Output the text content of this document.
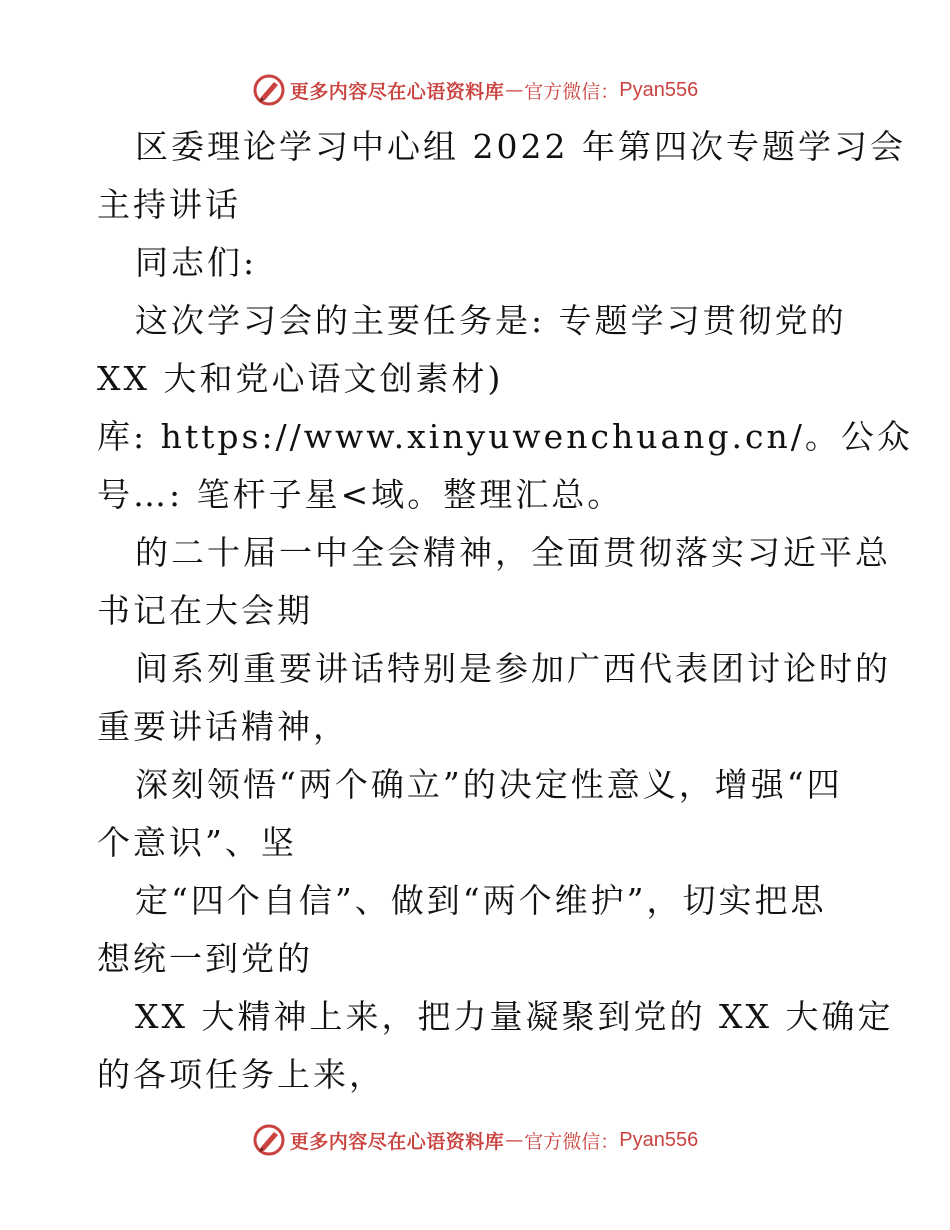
更多内容尽在心语资料库 — 官方微信： Pyan556
区委理论学习中心组 2022 年第四次专题学习会
主持讲话
同志们:
这次学习会的主要任务是: 专题学习贯彻党的
XX 大和党心语文创素材)
库: https://www.xinyuwenchuang.cn/。公众
号…: 笔杆子星<域。整理汇总。
的二十届一中全会精神，全面贯彻落实习近平总
书记在大会期
间系列重要讲话特别是参加广西代表团讨论时的
重要讲话精神，
深刻领悟“两个确立”的决定性意义，增强“四
个意识”、坚
定“四个自信”、做到“两个维护”，切实把思
想统一到党的
XX 大精神上来，把力量凝聚到党的 XX 大确定
的各项任务上来，
更多内容尽在心语资料库 — 官方微信： Pyan556
